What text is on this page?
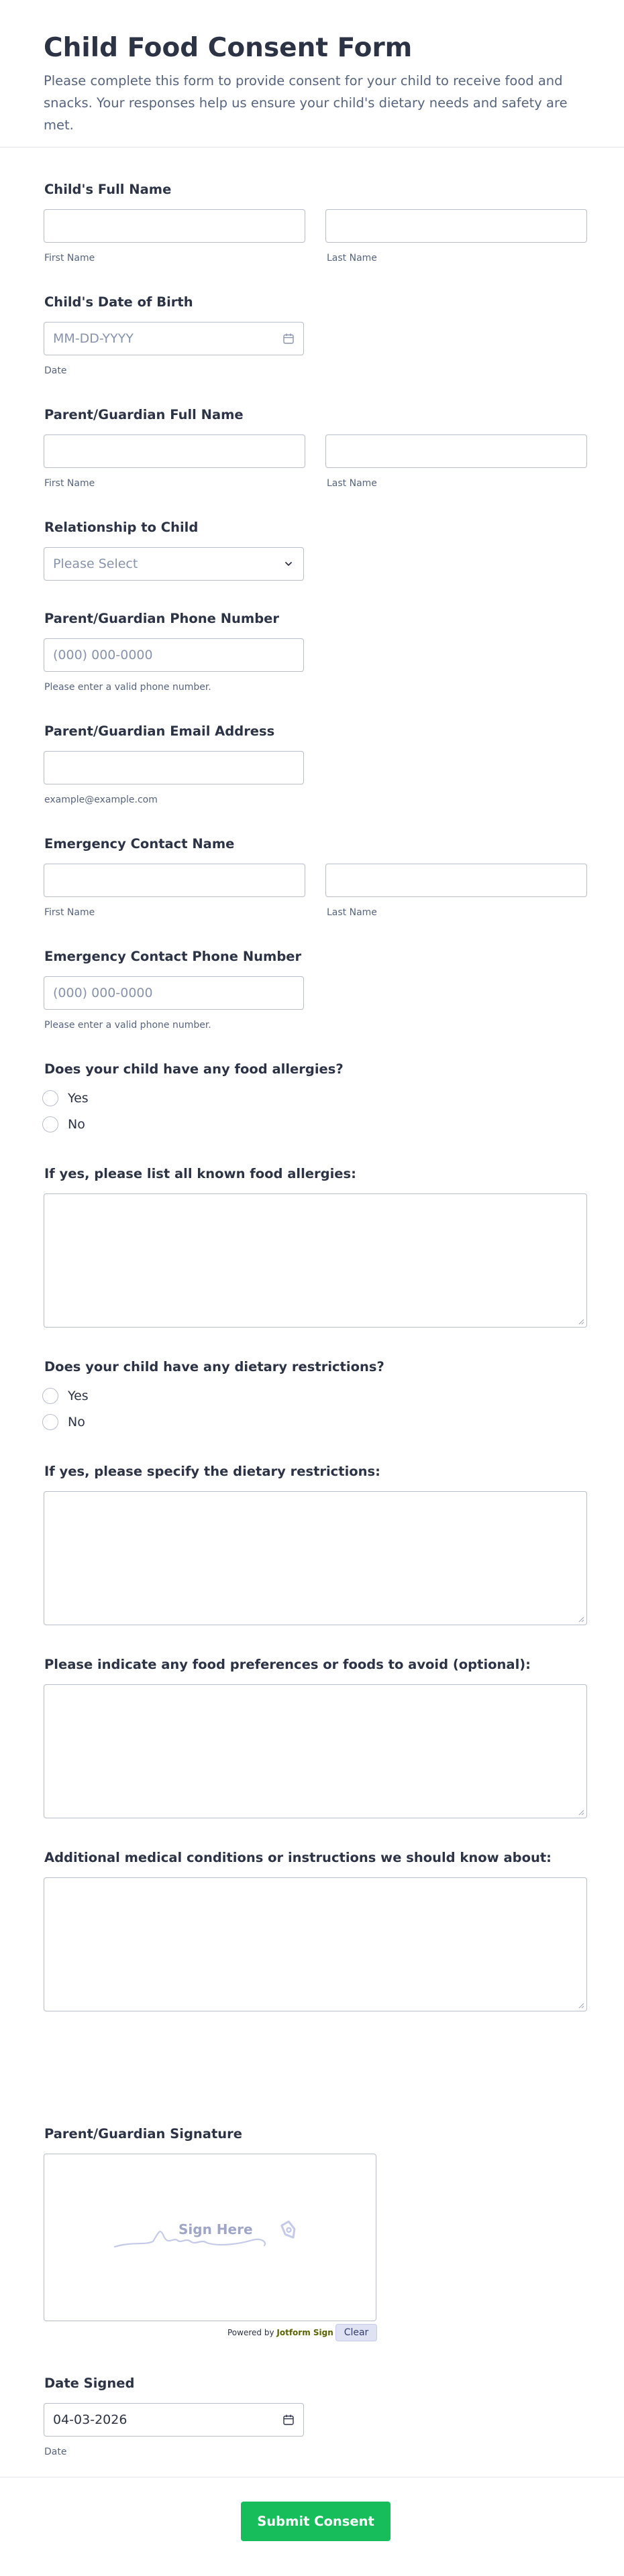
Child Food Consent Form

Please complete this form to provide consent for your child to receive food and snacks. Your responses help us ensure your child's dietary needs and safety are met.

Child's Full Name
First Name	Last Name
Child's Date of Birth
MM-DD-YYYY
Date
Parent/Guardian Full Name
First Name	Last Name
Relationship to Child
Please Select
Parent/Guardian Phone Number
(000) 000-0000
Please enter a valid phone number.
Parent/Guardian Email Address
example@example.com
Emergency Contact Name
First Name	Last Name
Emergency Contact Phone Number
(000) 000-0000
Please enter a valid phone number.
Does your child have any food allergies?
Yes
No
If yes, please list all known food allergies:
Does your child have any dietary restrictions?
Yes
No
If yes, please specify the dietary restrictions:
Please indicate any food preferences or foods to avoid (optional):
Additional medical conditions or instructions we should know about:
Parent/Guardian Signature
Sign Here
Powered by Jotform Sign	Clear
Date Signed
04-03-2026
Date
Submit Consent
